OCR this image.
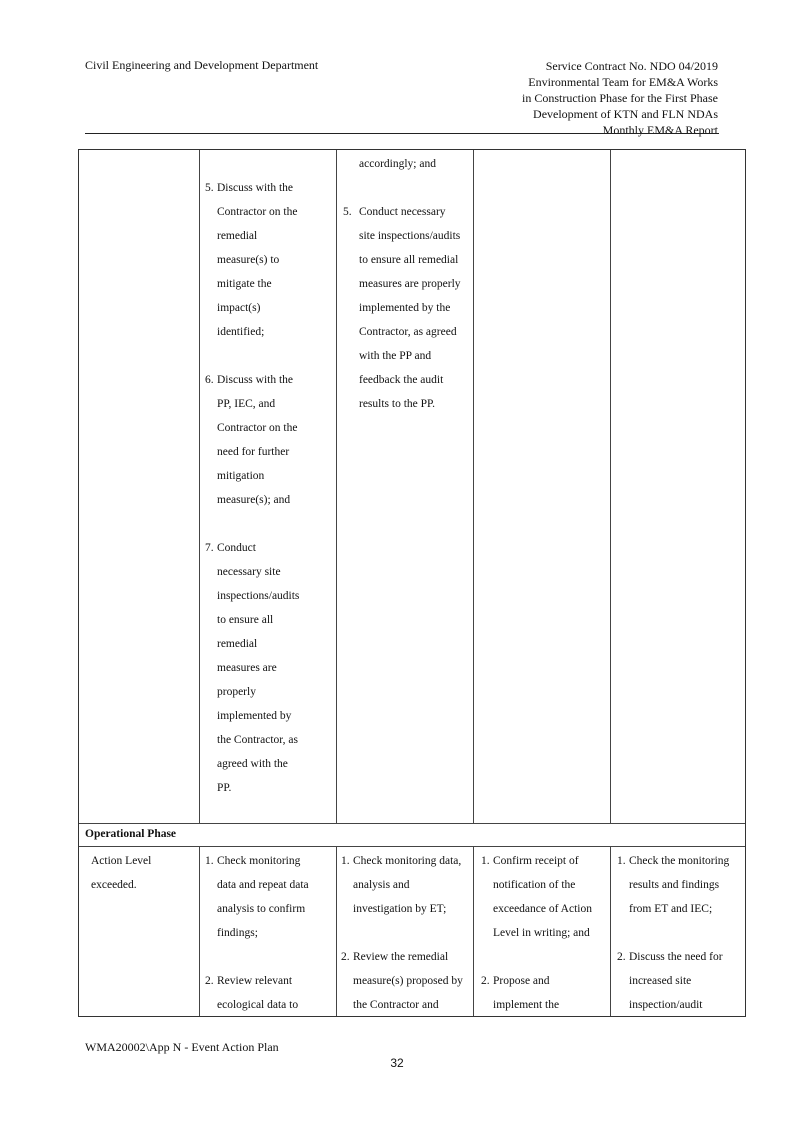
Civil Engineering and Development Department	Service Contract No. NDO 04/2019
Environmental Team for EM&A Works
in Construction Phase for the First Phase
Development of KTN and FLN NDAs
Monthly EM&A Report
5. Discuss with the
Contractor on the
remedial
measure(s) to
mitigate the
impact(s)
identified;
6. Discuss with the
PP, IEC, and
Contractor on the
need for further
mitigation
measure(s); and
7. Conduct
necessary site
inspections/audits
to ensure all
remedial
measures are
properly
implemented by
the Contractor, as
agreed with the
PP.
accordingly; and
5. Conduct necessary
site inspections/audits
to ensure all remedial
measures are properly
implemented by the
Contractor, as agreed
with the PP and
feedback the audit
results to the PP.
Operational Phase
Action Level
exceeded.
1. Check monitoring
data and repeat data
analysis to confirm
findings;
2. Review relevant
ecological data to
1. Check monitoring data,
analysis and
investigation by ET;
2. Review the remedial
measure(s) proposed by
the Contractor and
1. Confirm receipt of
notification of the
exceedance of Action
Level in writing; and
2. Propose and
implement the
1. Check the monitoring
results and findings
from ET and IEC;
2. Discuss the need for
increased site
inspection/audit
WMA20002\App N - Event Action Plan
32
